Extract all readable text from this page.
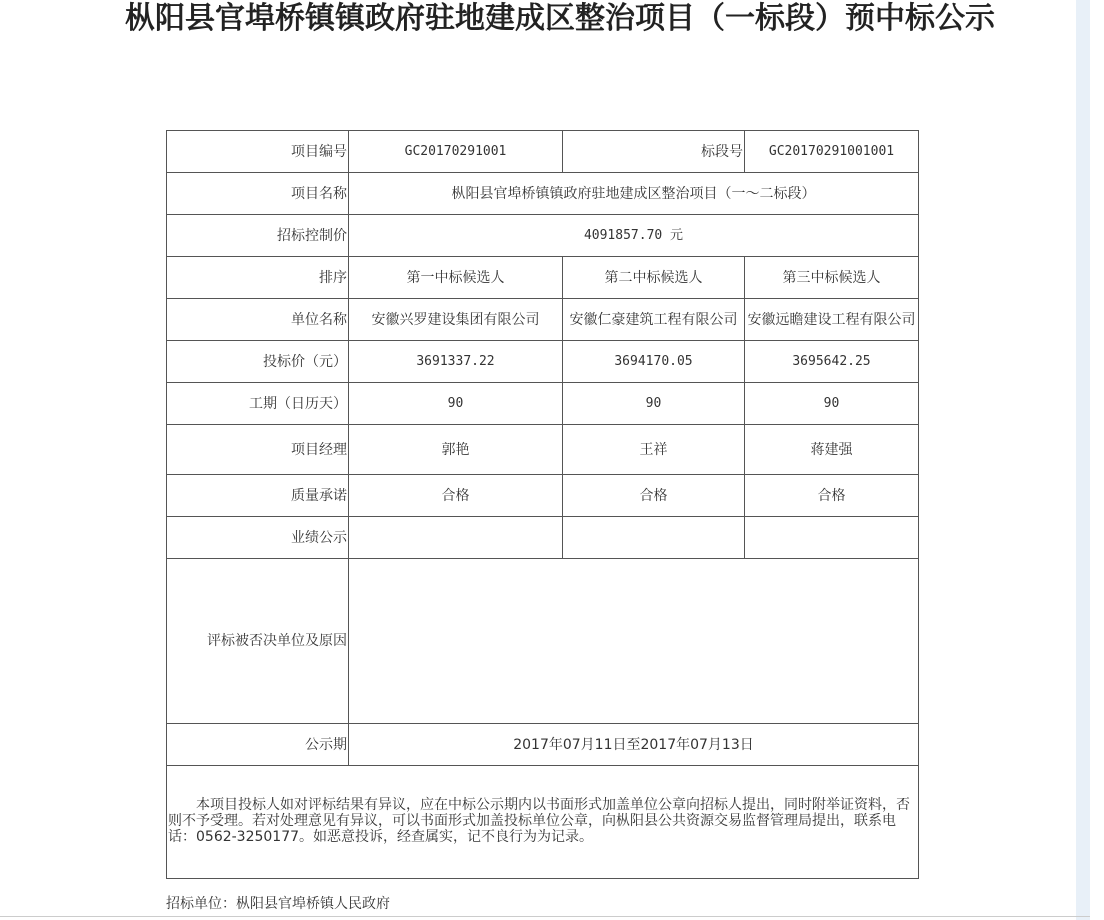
枞阳县官埠桥镇镇政府驻地建成区整治项目（一标段）预中标公示
项目编号	GC20170291001	标段号	GC20170291001001
项目名称	枞阳县官埠桥镇镇政府驻地建成区整治项目（一～二标段）		
招标控制价	4091857.70 元		
排序	第一中标候选人	第二中标候选人	第三中标候选人
单位名称	安徽兴罗建设集团有限公司	安徽仁豪建筑工程有限公司	安徽远瞻建设工程有限公司
投标价（元）	3691337.22	3694170.05	3695642.25
工期（日历天）	90	90	90
项目经理	郭艳	王祥	蒋建强
质量承诺	合格	合格	合格
业绩公示			
评标被否决单位及原因			
公示期	2017年07月11日至2017年07月13日		
本项目投标人如对评标结果有异议，应在中标公示期内以书面形式加盖单位公章向招标人提出，同时附举证资料，否则不予受理。若对处理意见有异议，可以书面形式加盖投标单位公章，向枞阳县公共资源交易监督管理局提出，联系电话：0562-3250177。如恶意投诉，经查属实，记不良行为为记录。			
招标单位：枞阳县官埠桥镇人民政府
